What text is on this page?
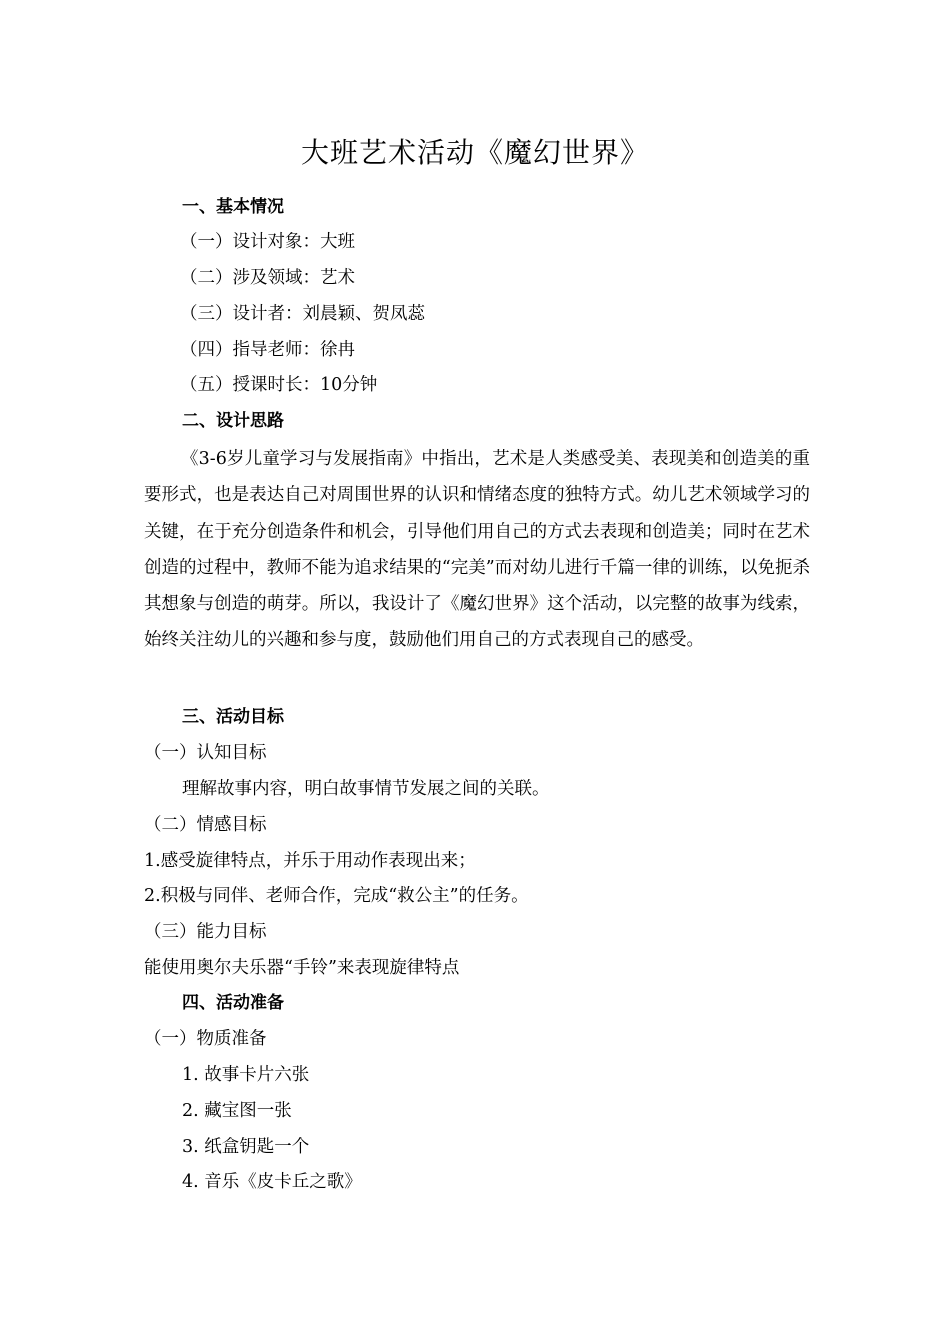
大班艺术活动《魔幻世界》
一、基本情况
（一）设计对象：大班
（二）涉及领域：艺术
（三）设计者：刘晨颖、贺凤蕊
（四）指导老师：徐冉
（五）授课时长：10分钟
二、设计思路

《3-6岁儿童学习与发展指南》中指出，艺术是人类感受美、表现美和创造美的重要形式，也是表达自己对周围世界的认识和情绪态度的独特方式。幼儿艺术领域学习的关键，在于充分创造条件和机会，引导他们用自己的方式去表现和创造美；同时在艺术创造的过程中，教师不能为追求结果的“完美”而对幼儿进行千篇一律的训练，以免扼杀其想象与创造的萌芽。所以，我设计了《魔幻世界》这个活动，以完整的故事为线索，始终关注幼儿的兴趣和参与度，鼓励他们用自己的方式表现自己的感受。

三、活动目标
（一）认知目标
理解故事内容，明白故事情节发展之间的关联。
（二）情感目标
1.感受旋律特点，并乐于用动作表现出来；
2.积极与同伴、老师合作，完成“救公主”的任务。
（三）能力目标
能使用奥尔夫乐器“手铃”来表现旋律特点
四、活动准备
（一）物质准备
1. 故事卡片六张
2. 藏宝图一张
3. 纸盒钥匙一个
4. 音乐《皮卡丘之歌》
